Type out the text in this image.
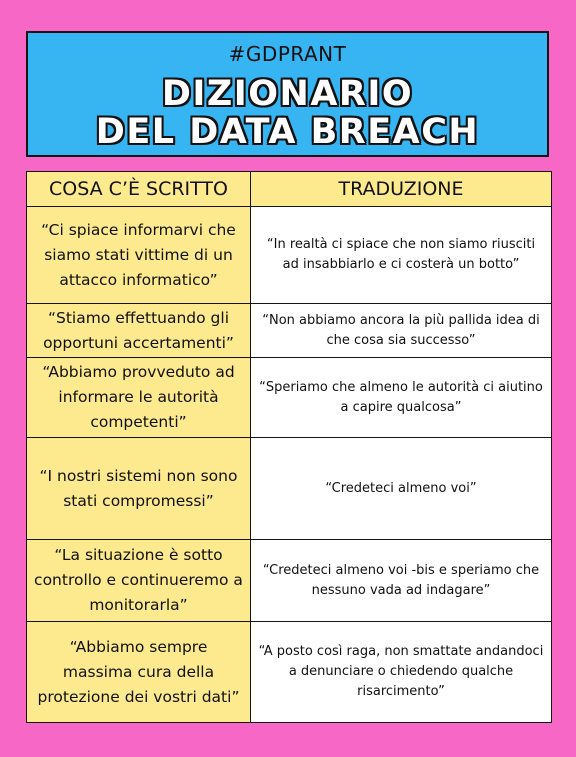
#GDPRANT
DIZIONARIO
DEL DATA BREACH
COSA C’È SCRITTO	TRADUZIONE
“Ci spiace informarvi che siamo stati vittime di un attacco informatico”	“In realtà ci spiace che non siamo riusciti ad insabbiarlo e ci costerà un botto”
“Stiamo effettuando gli opportuni accertamenti”	“Non abbiamo ancora la più pallida idea di che cosa sia successo”
“Abbiamo provveduto ad informare le autorità competenti”	“Speriamo che almeno le autorità ci aiutino a capire qualcosa”
“I nostri sistemi non sono stati compromessi”	“Credeteci almeno voi”
“La situazione è sotto controllo e continueremo a monitorarla”	“Credeteci almeno voi -bis e speriamo che nessuno vada ad indagare”
“Abbiamo sempre massima cura della protezione dei vostri dati”	“A posto così raga, non smattate andandoci a denunciare o chiedendo qualche risarcimento”
